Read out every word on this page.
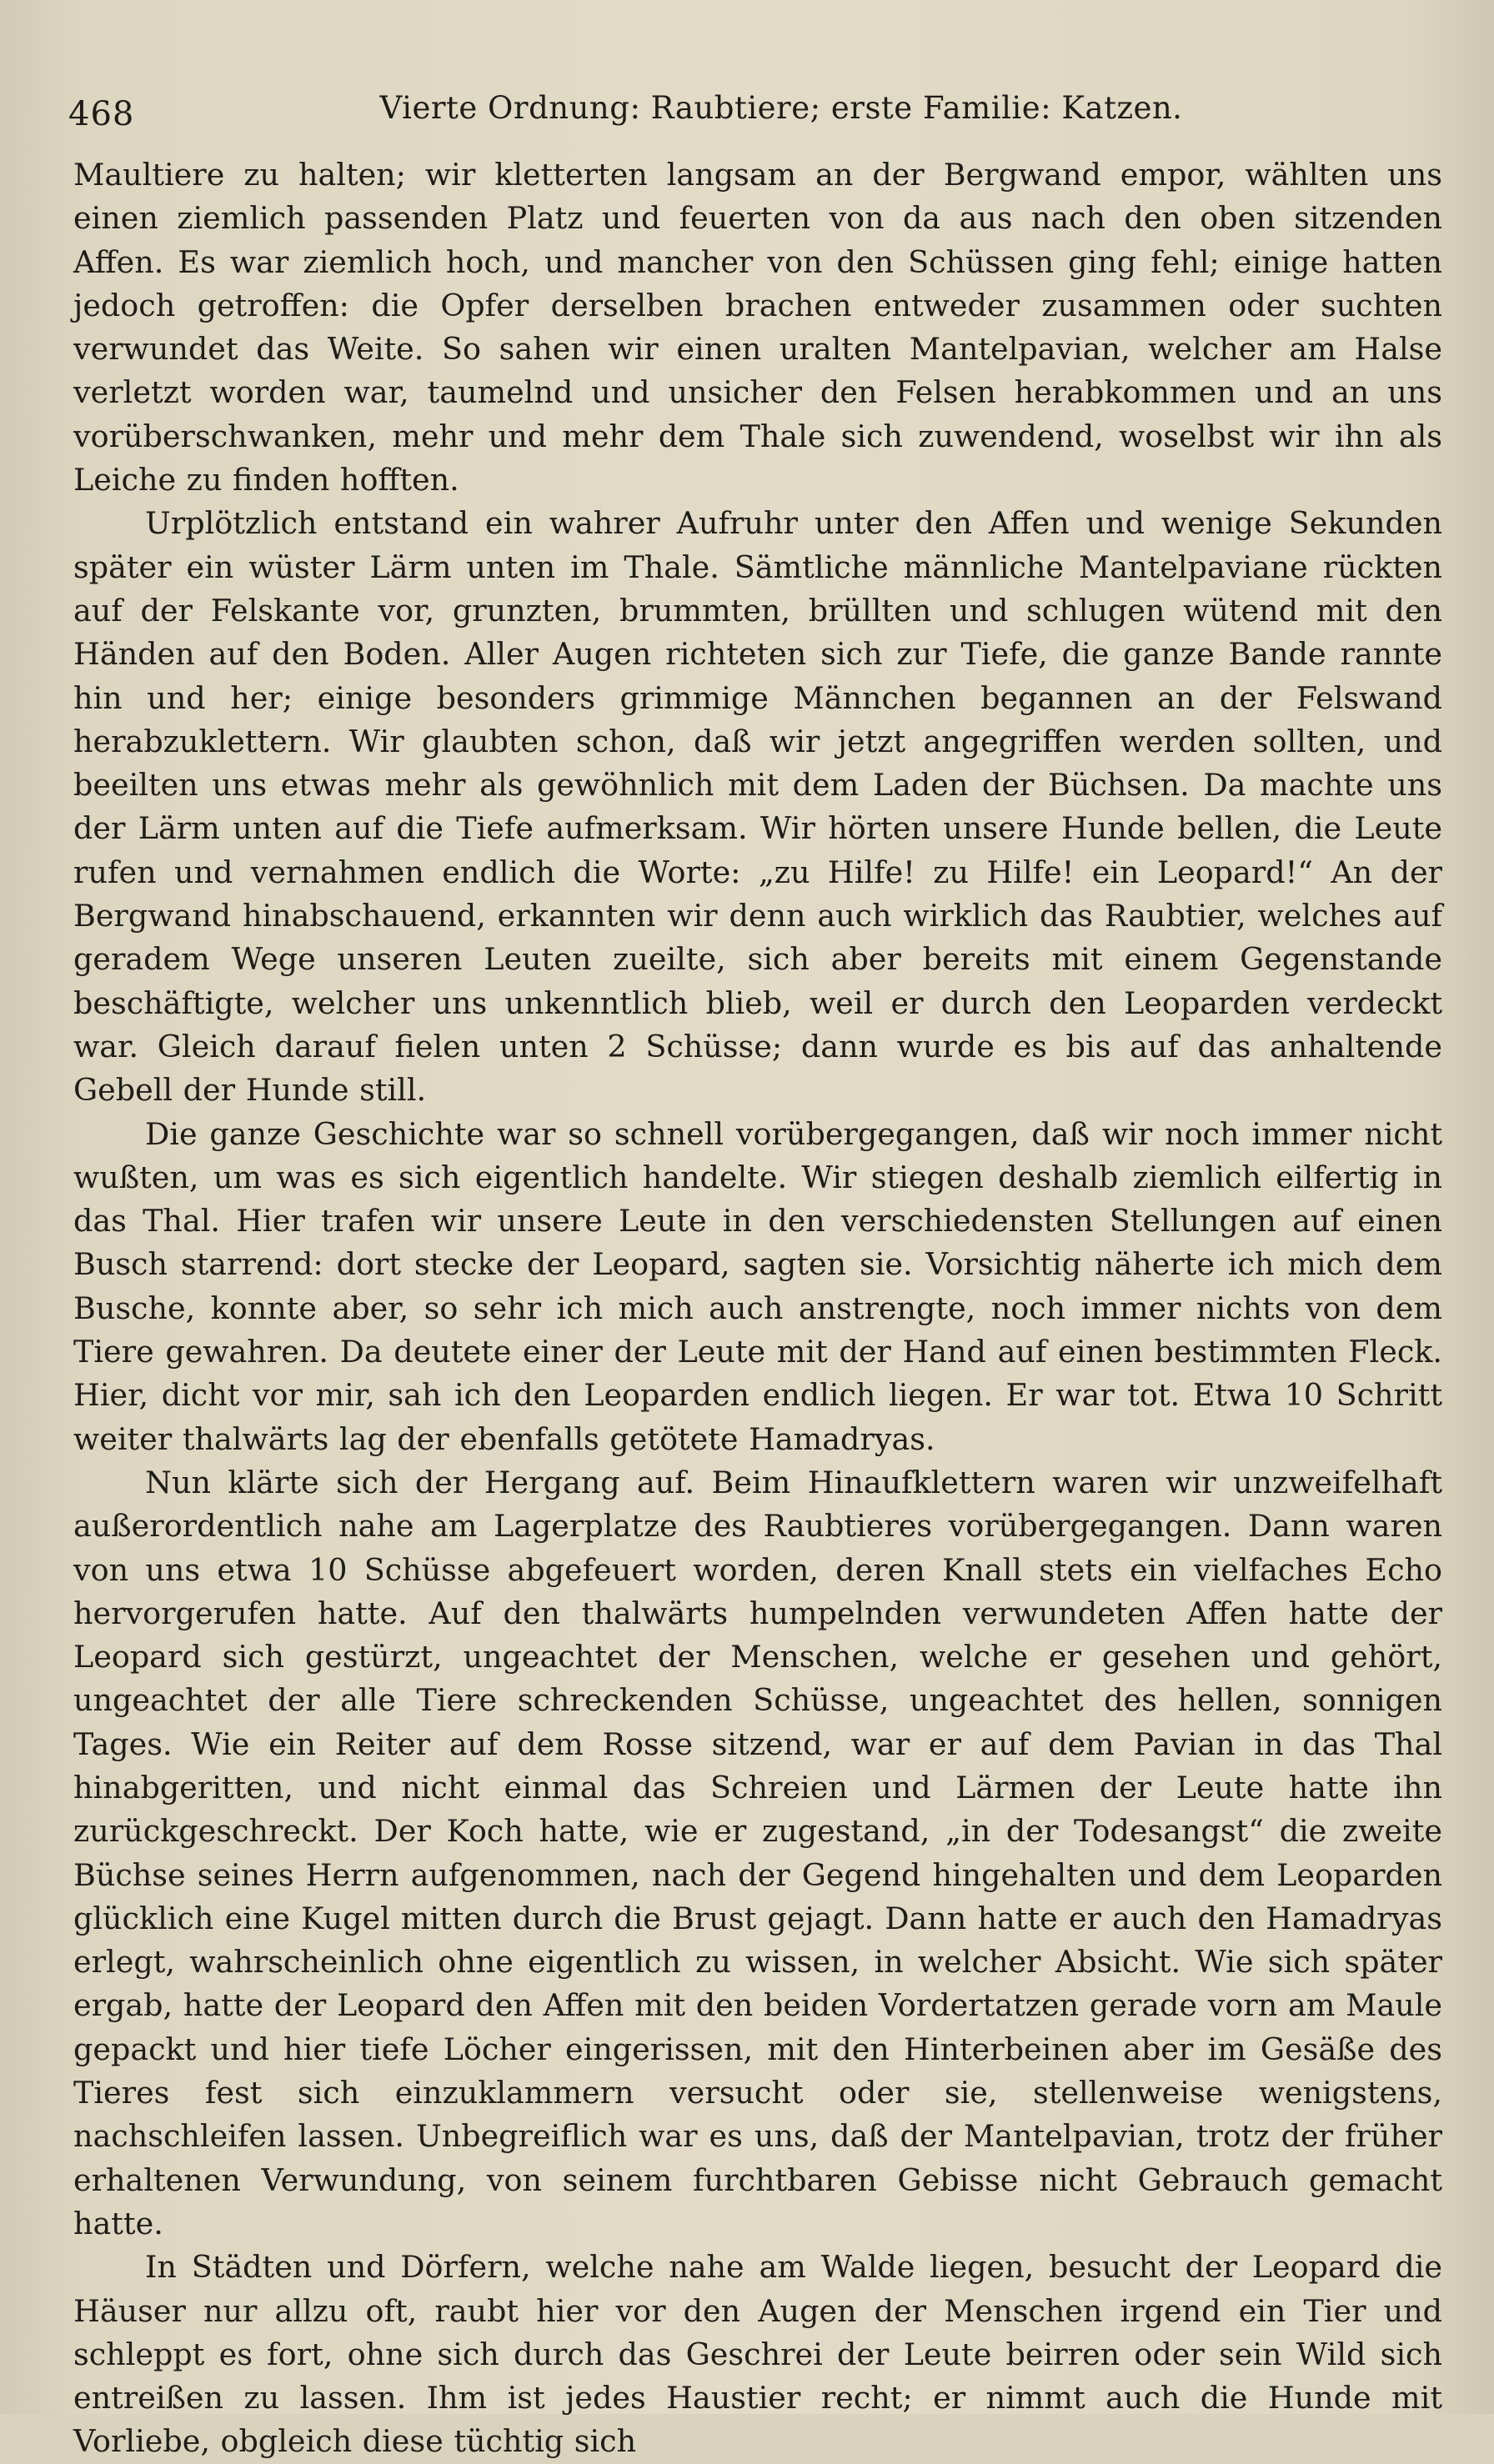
468	Vierte Ordnung: Raubtiere; erste Familie: Katzen.

Maultiere zu halten; wir kletterten langsam an der Bergwand empor, wählten uns einen ziemlich passenden Platz und feuerten von da aus nach den oben sitzenden Affen. Es war ziemlich hoch, und mancher von den Schüssen ging fehl; einige hatten jedoch getroffen: die Opfer derselben brachen entweder zusammen oder suchten verwundet das Weite. So sahen wir einen uralten Mantelpavian, welcher am Halse verletzt worden war, taumelnd und unsicher den Felsen herabkommen und an uns vorüberschwanken, mehr und mehr dem Thale sich zuwendend, woselbst wir ihn als Leiche zu finden hofften.

Urplötzlich entstand ein wahrer Aufruhr unter den Affen und wenige Sekunden später ein wüster Lärm unten im Thale. Sämtliche männliche Mantelpaviane rückten auf der Felskante vor, grunzten, brummten, brüllten und schlugen wütend mit den Händen auf den Boden. Aller Augen richteten sich zur Tiefe, die ganze Bande rannte hin und her; einige besonders grimmige Männchen begannen an der Felswand herabzuklettern. Wir glaubten schon, daß wir jetzt angegriffen werden sollten, und beeilten uns etwas mehr als gewöhnlich mit dem Laden der Büchsen. Da machte uns der Lärm unten auf die Tiefe aufmerksam. Wir hörten unsere Hunde bellen, die Leute rufen und vernahmen endlich die Worte: „zu Hilfe! zu Hilfe! ein Leopard!“ An der Bergwand hinabschauend, erkannten wir denn auch wirklich das Raubtier, welches auf geradem Wege unseren Leuten zueilte, sich aber bereits mit einem Gegenstande beschäftigte, welcher uns unkenntlich blieb, weil er durch den Leoparden verdeckt war. Gleich darauf fielen unten 2 Schüsse; dann wurde es bis auf das anhaltende Gebell der Hunde still.

Die ganze Geschichte war so schnell vorübergegangen, daß wir noch immer nicht wußten, um was es sich eigentlich handelte. Wir stiegen deshalb ziemlich eilfertig in das Thal. Hier trafen wir unsere Leute in den verschiedensten Stellungen auf einen Busch starrend: dort stecke der Leopard, sagten sie. Vorsichtig näherte ich mich dem Busche, konnte aber, so sehr ich mich auch anstrengte, noch immer nichts von dem Tiere gewahren. Da deutete einer der Leute mit der Hand auf einen bestimmten Fleck. Hier, dicht vor mir, sah ich den Leoparden endlich liegen. Er war tot. Etwa 10 Schritt weiter thalwärts lag der ebenfalls getötete Hamadryas.

Nun klärte sich der Hergang auf. Beim Hinaufklettern waren wir unzweifelhaft außerordentlich nahe am Lagerplatze des Raubtieres vorübergegangen. Dann waren von uns etwa 10 Schüsse abgefeuert worden, deren Knall stets ein vielfaches Echo hervorgerufen hatte. Auf den thalwärts humpelnden verwundeten Affen hatte der Leopard sich gestürzt, ungeachtet der Menschen, welche er gesehen und gehört, ungeachtet der alle Tiere schreckenden Schüsse, ungeachtet des hellen, sonnigen Tages. Wie ein Reiter auf dem Rosse sitzend, war er auf dem Pavian in das Thal hinabgeritten, und nicht einmal das Schreien und Lärmen der Leute hatte ihn zurückgeschreckt. Der Koch hatte, wie er zugestand, „in der Todesangst“ die zweite Büchse seines Herrn aufgenommen, nach der Gegend hingehalten und dem Leoparden glücklich eine Kugel mitten durch die Brust gejagt. Dann hatte er auch den Hamadryas erlegt, wahrscheinlich ohne eigentlich zu wissen, in welcher Absicht. Wie sich später ergab, hatte der Leopard den Affen mit den beiden Vordertatzen gerade vorn am Maule gepackt und hier tiefe Löcher eingerissen, mit den Hinterbeinen aber im Gesäße des Tieres fest sich einzuklammern versucht oder sie, stellenweise wenigstens, nachschleifen lassen. Unbegreiflich war es uns, daß der Mantelpavian, trotz der früher erhaltenen Verwundung, von seinem furchtbaren Gebisse nicht Gebrauch gemacht hatte.

In Städten und Dörfern, welche nahe am Walde liegen, besucht der Leopard die Häuser nur allzu oft, raubt hier vor den Augen der Menschen irgend ein Tier und schleppt es fort, ohne sich durch das Geschrei der Leute beirren oder sein Wild sich entreißen zu lassen. Ihm ist jedes Haustier recht; er nimmt auch die Hunde mit Vorliebe, obgleich diese tüchtig sich
